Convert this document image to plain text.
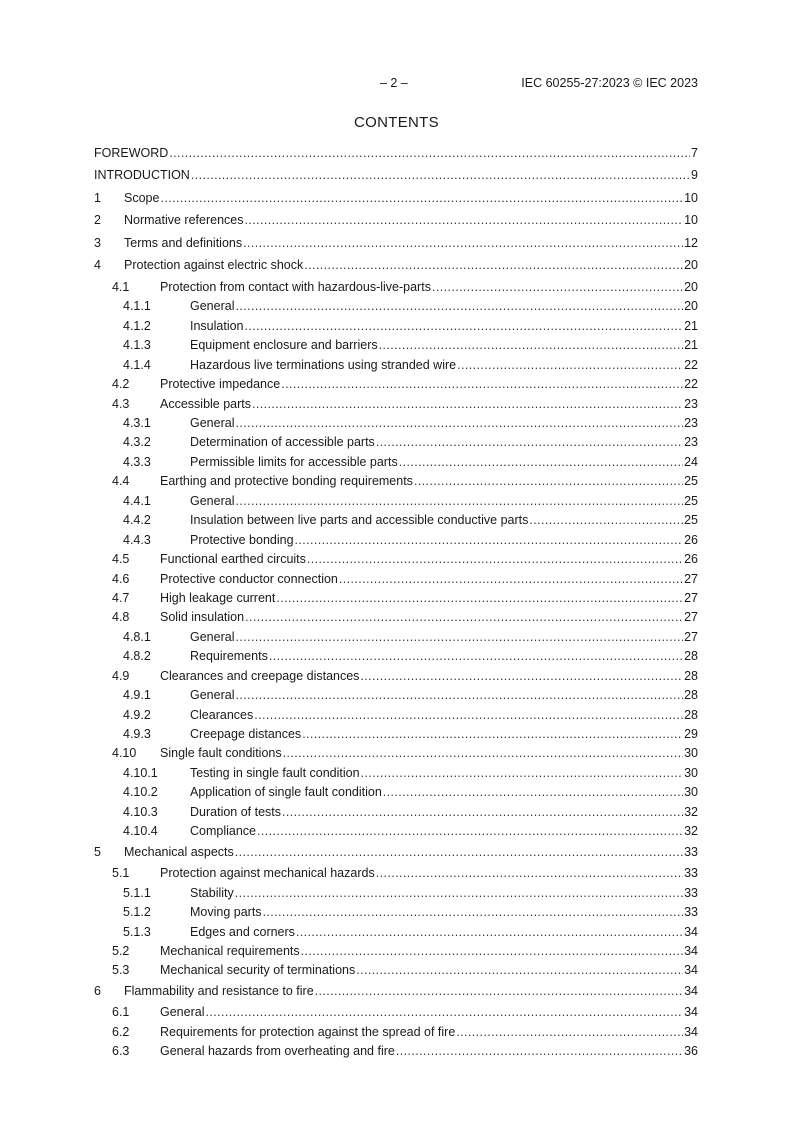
– 2 –	IEC 60255-27:2023 © IEC 2023
CONTENTS
FOREWORD .....	7
INTRODUCTION .....	9
1	Scope .....	10
2	Normative references .....	10
3	Terms and definitions .....	12
4	Protection against electric shock .....	20
4.1	Protection from contact with hazardous-live-parts .....	20
4.1.1	General .....	20
4.1.2	Insulation .....	21
4.1.3	Equipment enclosure and barriers .....	21
4.1.4	Hazardous live terminations using stranded wire .....	22
4.2	Protective impedance .....	22
4.3	Accessible parts .....	23
4.3.1	General .....	23
4.3.2	Determination of accessible parts .....	23
4.3.3	Permissible limits for accessible parts .....	24
4.4	Earthing and protective bonding requirements .....	25
4.4.1	General .....	25
4.4.2	Insulation between live parts and accessible conductive parts .....	25
4.4.3	Protective bonding .....	26
4.5	Functional earthed circuits .....	26
4.6	Protective conductor connection .....	27
4.7	High leakage current .....	27
4.8	Solid insulation .....	27
4.8.1	General .....	27
4.8.2	Requirements .....	28
4.9	Clearances and creepage distances .....	28
4.9.1	General .....	28
4.9.2	Clearances .....	28
4.9.3	Creepage distances .....	29
4.10	Single fault conditions .....	30
4.10.1	Testing in single fault condition .....	30
4.10.2	Application of single fault condition .....	30
4.10.3	Duration of tests .....	32
4.10.4	Compliance .....	32
5	Mechanical aspects .....	33
5.1	Protection against mechanical hazards .....	33
5.1.1	Stability .....	33
5.1.2	Moving parts .....	33
5.1.3	Edges and corners .....	34
5.2	Mechanical requirements .....	34
5.3	Mechanical security of terminations .....	34
6	Flammability and resistance to fire .....	34
6.1	General .....	34
6.2	Requirements for protection against the spread of fire .....	34
6.3	General hazards from overheating and fire .....	36
